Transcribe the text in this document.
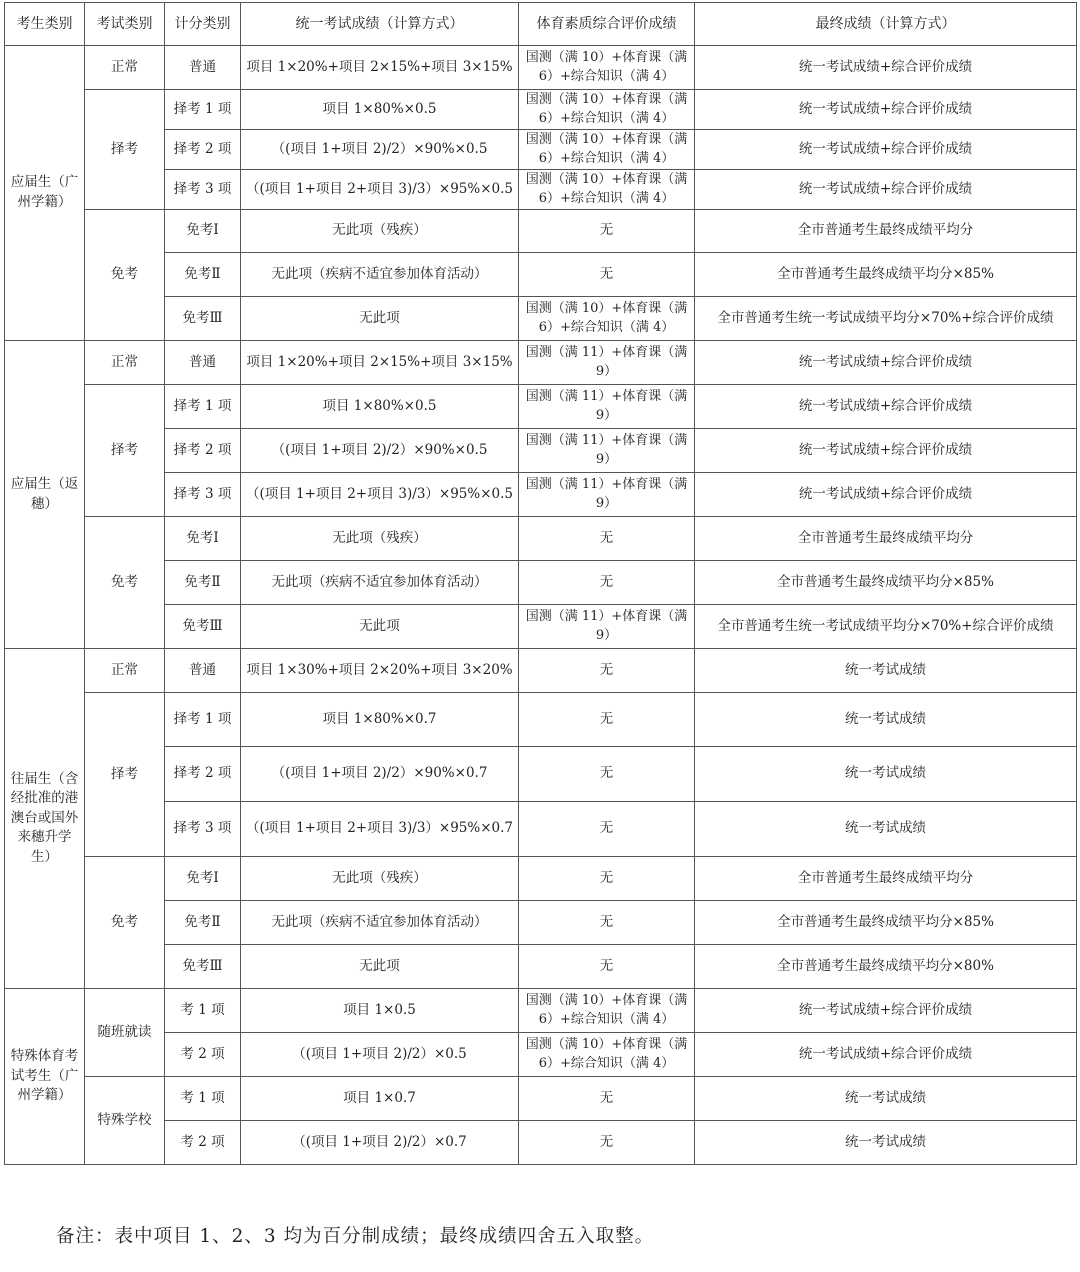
考生类别	考试类别	计分类别	统一考试成绩（计算方式）	体育素质综合评价成绩	最终成绩（计算方式）
应届生（广州学籍）	正常	普通	项目 1×20%+项目 2×15%+项目 3×15%	国测（满 10）+体育课（满 6）+综合知识（满 4）	统一考试成绩+综合评价成绩
	择考	择考 1 项	项目 1×80%×0.5	国测（满 10）+体育课（满 6）+综合知识（满 4）	统一考试成绩+综合评价成绩
		择考 2 项	（(项目 1+项目 2)/2）×90%×0.5	国测（满 10）+体育课（满 6）+综合知识（满 4）	统一考试成绩+综合评价成绩
		择考 3 项	（(项目 1+项目 2+项目 3)/3）×95%×0.5	国测（满 10）+体育课（满 6）+综合知识（满 4）	统一考试成绩+综合评价成绩
	免考	免考Ⅰ	无此项（残疾）	无	全市普通考生最终成绩平均分
		免考Ⅱ	无此项（疾病不适宜参加体育活动）	无	全市普通考生最终成绩平均分×85%
		免考Ⅲ	无此项	国测（满 10）+体育课（满 6）+综合知识（满 4）	全市普通考生统一考试成绩平均分×70%+综合评价成绩
应届生（返穗）	正常	普通	项目 1×20%+项目 2×15%+项目 3×15%	国测（满 11）+体育课（满 9）	统一考试成绩+综合评价成绩
	择考	择考 1 项	项目 1×80%×0.5	国测（满 11）+体育课（满 9）	统一考试成绩+综合评价成绩
		择考 2 项	（(项目 1+项目 2)/2）×90%×0.5	国测（满 11）+体育课（满 9）	统一考试成绩+综合评价成绩
		择考 3 项	（(项目 1+项目 2+项目 3)/3）×95%×0.5	国测（满 11）+体育课（满 9）	统一考试成绩+综合评价成绩
	免考	免考Ⅰ	无此项（残疾）	无	全市普通考生最终成绩平均分
		免考Ⅱ	无此项（疾病不适宜参加体育活动）	无	全市普通考生最终成绩平均分×85%
		免考Ⅲ	无此项	国测（满 11）+体育课（满 9）	全市普通考生统一考试成绩平均分×70%+综合评价成绩
往届生（含经批准的港澳台或国外来穗升学生）	正常	普通	项目 1×30%+项目 2×20%+项目 3×20%	无	统一考试成绩
	择考	择考 1 项	项目 1×80%×0.7	无	统一考试成绩
		择考 2 项	（(项目 1+项目 2)/2）×90%×0.7	无	统一考试成绩
		择考 3 项	（(项目 1+项目 2+项目 3)/3）×95%×0.7	无	统一考试成绩
	免考	免考Ⅰ	无此项（残疾）	无	全市普通考生最终成绩平均分
		免考Ⅱ	无此项（疾病不适宜参加体育活动）	无	全市普通考生最终成绩平均分×85%
		免考Ⅲ	无此项	无	全市普通考生最终成绩平均分×80%
特殊体育考试考生（广州学籍）	随班就读	考 1 项	项目 1×0.5	国测（满 10）+体育课（满 6）+综合知识（满 4）	统一考试成绩+综合评价成绩
		考 2 项	（(项目 1+项目 2)/2）×0.5	国测（满 10）+体育课（满 6）+综合知识（满 4）	统一考试成绩+综合评价成绩
	特殊学校	考 1 项	项目 1×0.7	无	统一考试成绩
		考 2 项	（(项目 1+项目 2)/2）×0.7	无	统一考试成绩
备注：表中项目 1、2、3 均为百分制成绩；最终成绩四舍五入取整。
